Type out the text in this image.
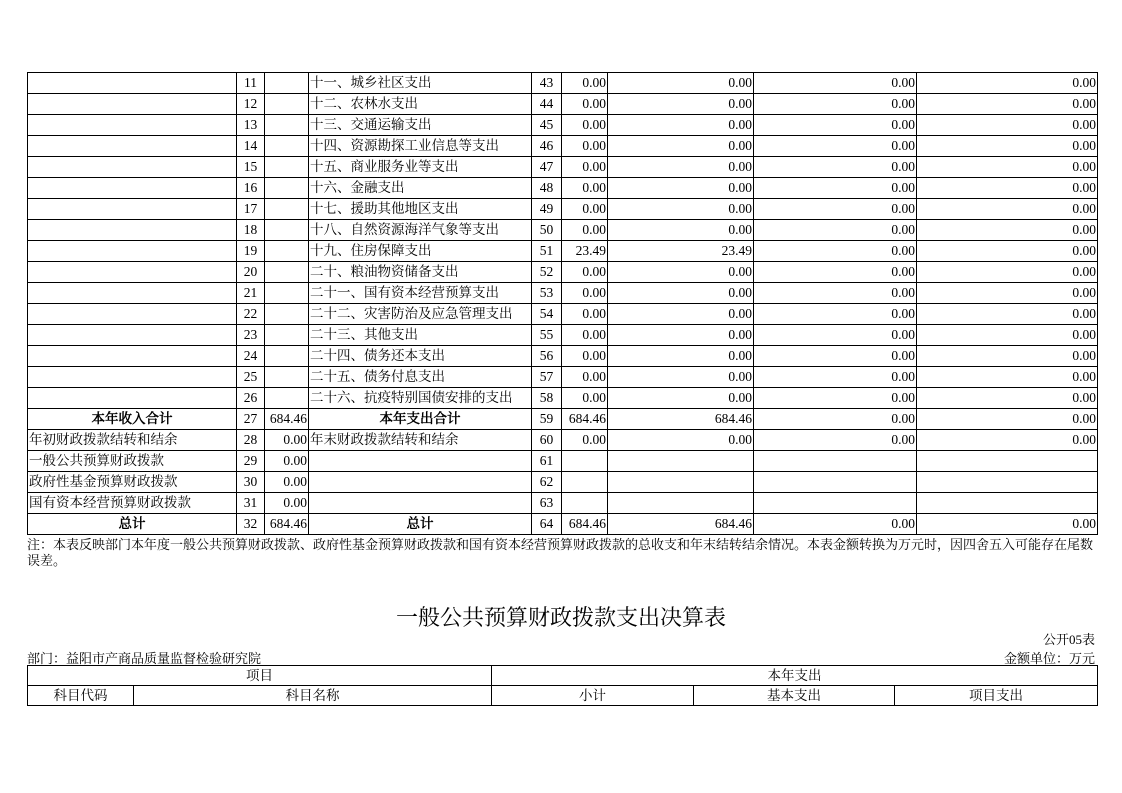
	11		十一、城乡社区支出	43	0.00	0.00	0.00	0.00
	12		十二、农林水支出	44	0.00	0.00	0.00	0.00
	13		十三、交通运输支出	45	0.00	0.00	0.00	0.00
	14		十四、资源勘探工业信息等支出	46	0.00	0.00	0.00	0.00
	15		十五、商业服务业等支出	47	0.00	0.00	0.00	0.00
	16		十六、金融支出	48	0.00	0.00	0.00	0.00
	17		十七、援助其他地区支出	49	0.00	0.00	0.00	0.00
	18		十八、自然资源海洋气象等支出	50	0.00	0.00	0.00	0.00
	19		十九、住房保障支出	51	23.49	23.49	0.00	0.00
	20		二十、粮油物资储备支出	52	0.00	0.00	0.00	0.00
	21		二十一、国有资本经营预算支出	53	0.00	0.00	0.00	0.00
	22		二十二、灾害防治及应急管理支出	54	0.00	0.00	0.00	0.00
	23		二十三、其他支出	55	0.00	0.00	0.00	0.00
	24		二十四、债务还本支出	56	0.00	0.00	0.00	0.00
	25		二十五、债务付息支出	57	0.00	0.00	0.00	0.00
	26		二十六、抗疫特别国债安排的支出	58	0.00	0.00	0.00	0.00
本年收入合计	27	684.46	本年支出合计	59	684.46	684.46	0.00	0.00
年初财政拨款结转和结余	28	0.00	年末财政拨款结转和结余	60	0.00	0.00	0.00	0.00
一般公共预算财政拨款	29	0.00		61				
政府性基金预算财政拨款	30	0.00		62				
国有资本经营预算财政拨款	31	0.00		63				
总计	32	684.46	总计	64	684.46	684.46	0.00	0.00
注：本表反映部门本年度一般公共预算财政拨款、政府性基金预算财政拨款和国有资本经营预算财政拨款的总收支和年末结转结余情况。本表金额转换为万元时，因四舍五入可能存在尾数误差。
一般公共预算财政拨款支出决算表
公开05表
部门：益阳市产商品质量监督检验研究院	金额单位：万元
项目		本年支出		
科目代码	科目名称	小计	基本支出	项目支出
